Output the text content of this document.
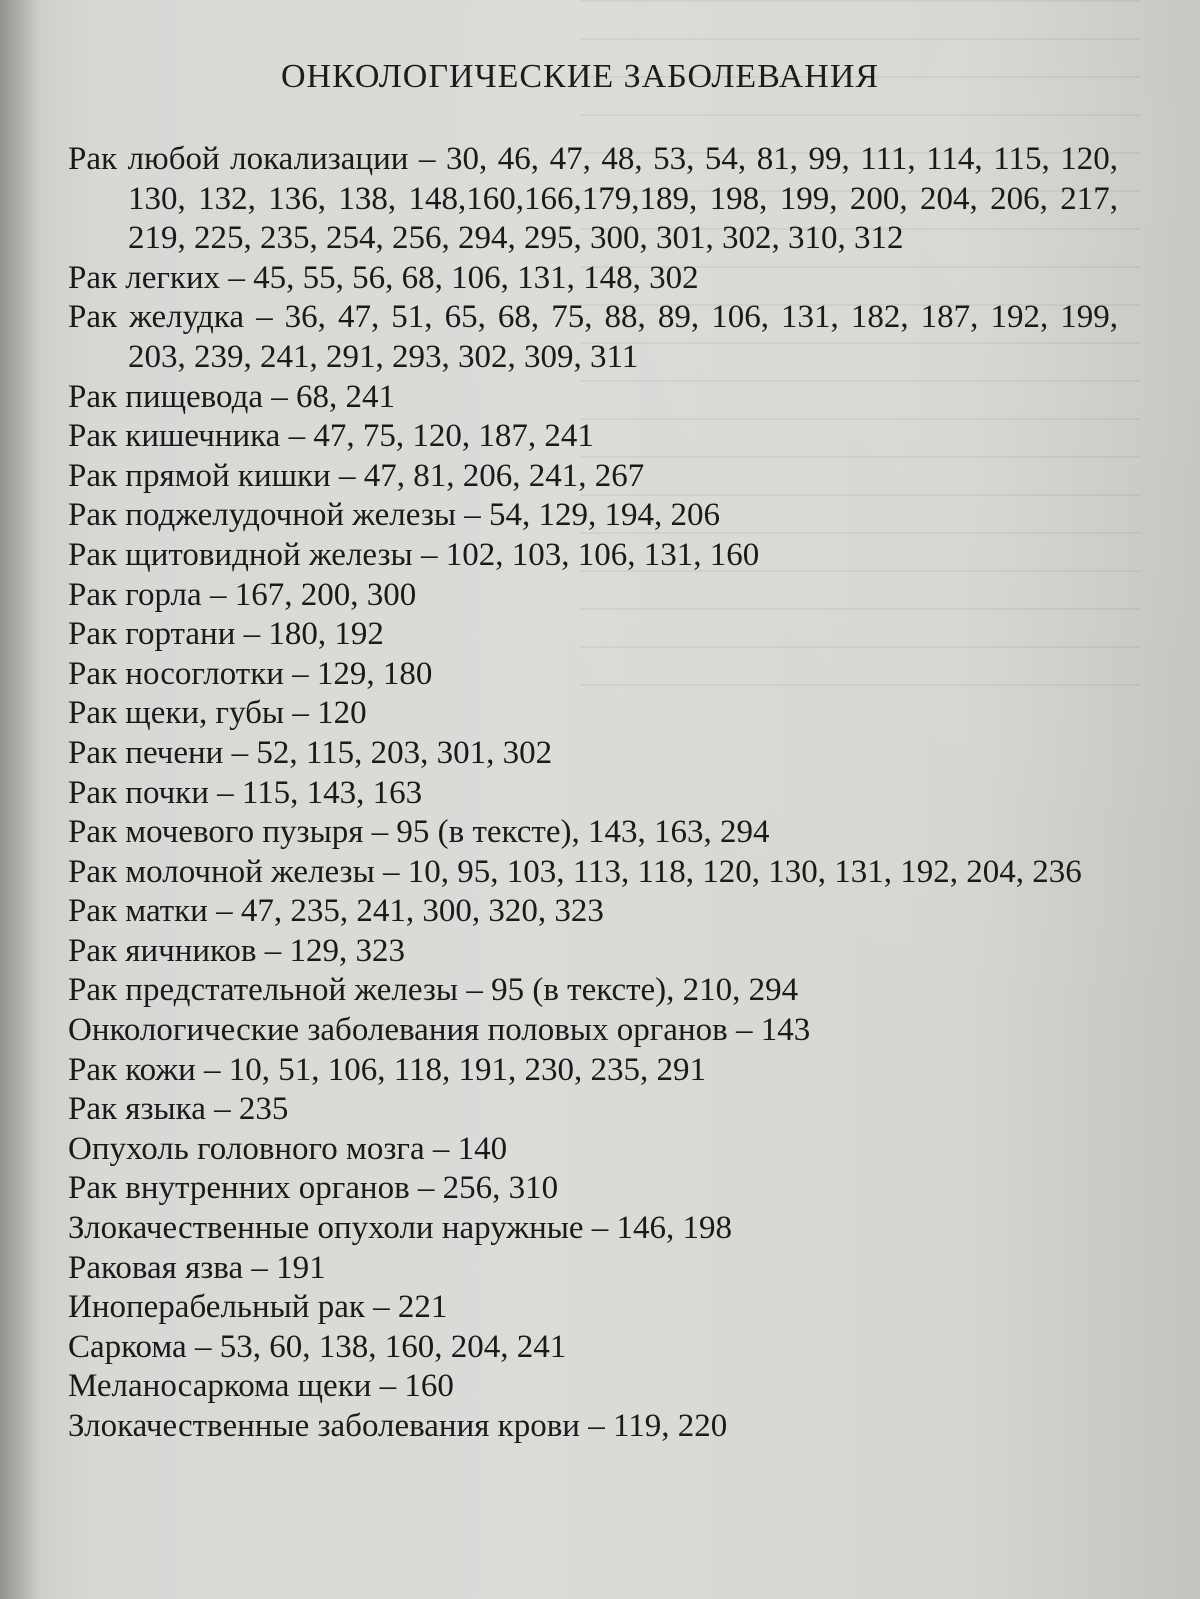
ОНКОЛОГИЧЕСКИЕ ЗАБОЛЕВАНИЯ
Рак любой локализации – 30, 46, 47, 48, 53, 54, 81, 99, 111, 114, 115, 120, 130, 132, 136, 138, 148,160,166,179,189, 198, 199, 200, 204, 206, 217, 219, 225, 235, 254, 256, 294, 295, 300, 301, 302, 310, 312
Рак легких – 45, 55, 56, 68, 106, 131, 148, 302
Рак желудка – 36, 47, 51, 65, 68, 75, 88, 89, 106, 131, 182, 187, 192, 199, 203, 239, 241, 291, 293, 302, 309, 311
Рак пищевода – 68, 241
Рак кишечника – 47, 75, 120, 187, 241
Рак прямой кишки – 47, 81, 206, 241, 267
Рак поджелудочной железы – 54, 129, 194, 206
Рак щитовидной железы – 102, 103, 106, 131, 160
Рак горла – 167, 200, 300
Рак гортани – 180, 192
Рак носоглотки – 129, 180
Рак щеки, губы – 120
Рак печени – 52, 115, 203, 301, 302
Рак почки – 115, 143, 163
Рак мочевого пузыря – 95 (в тексте), 143, 163, 294
Рак молочной железы – 10, 95, 103, 113, 118, 120, 130, 131, 192, 204, 236
Рак матки – 47, 235, 241, 300, 320, 323
Рак яичников – 129, 323
Рак предстательной железы – 95 (в тексте), 210, 294
Онкологические заболевания половых органов – 143
Рак кожи – 10, 51, 106, 118, 191, 230, 235, 291
Рак языка – 235
Опухоль головного мозга – 140
Рак внутренних органов – 256, 310
Злокачественные опухоли наружные – 146, 198
Раковая язва – 191
Иноперабельный рак – 221
Саркома – 53, 60, 138, 160, 204, 241
Меланосаркома щеки – 160
Злокачественные заболевания крови – 119, 220
